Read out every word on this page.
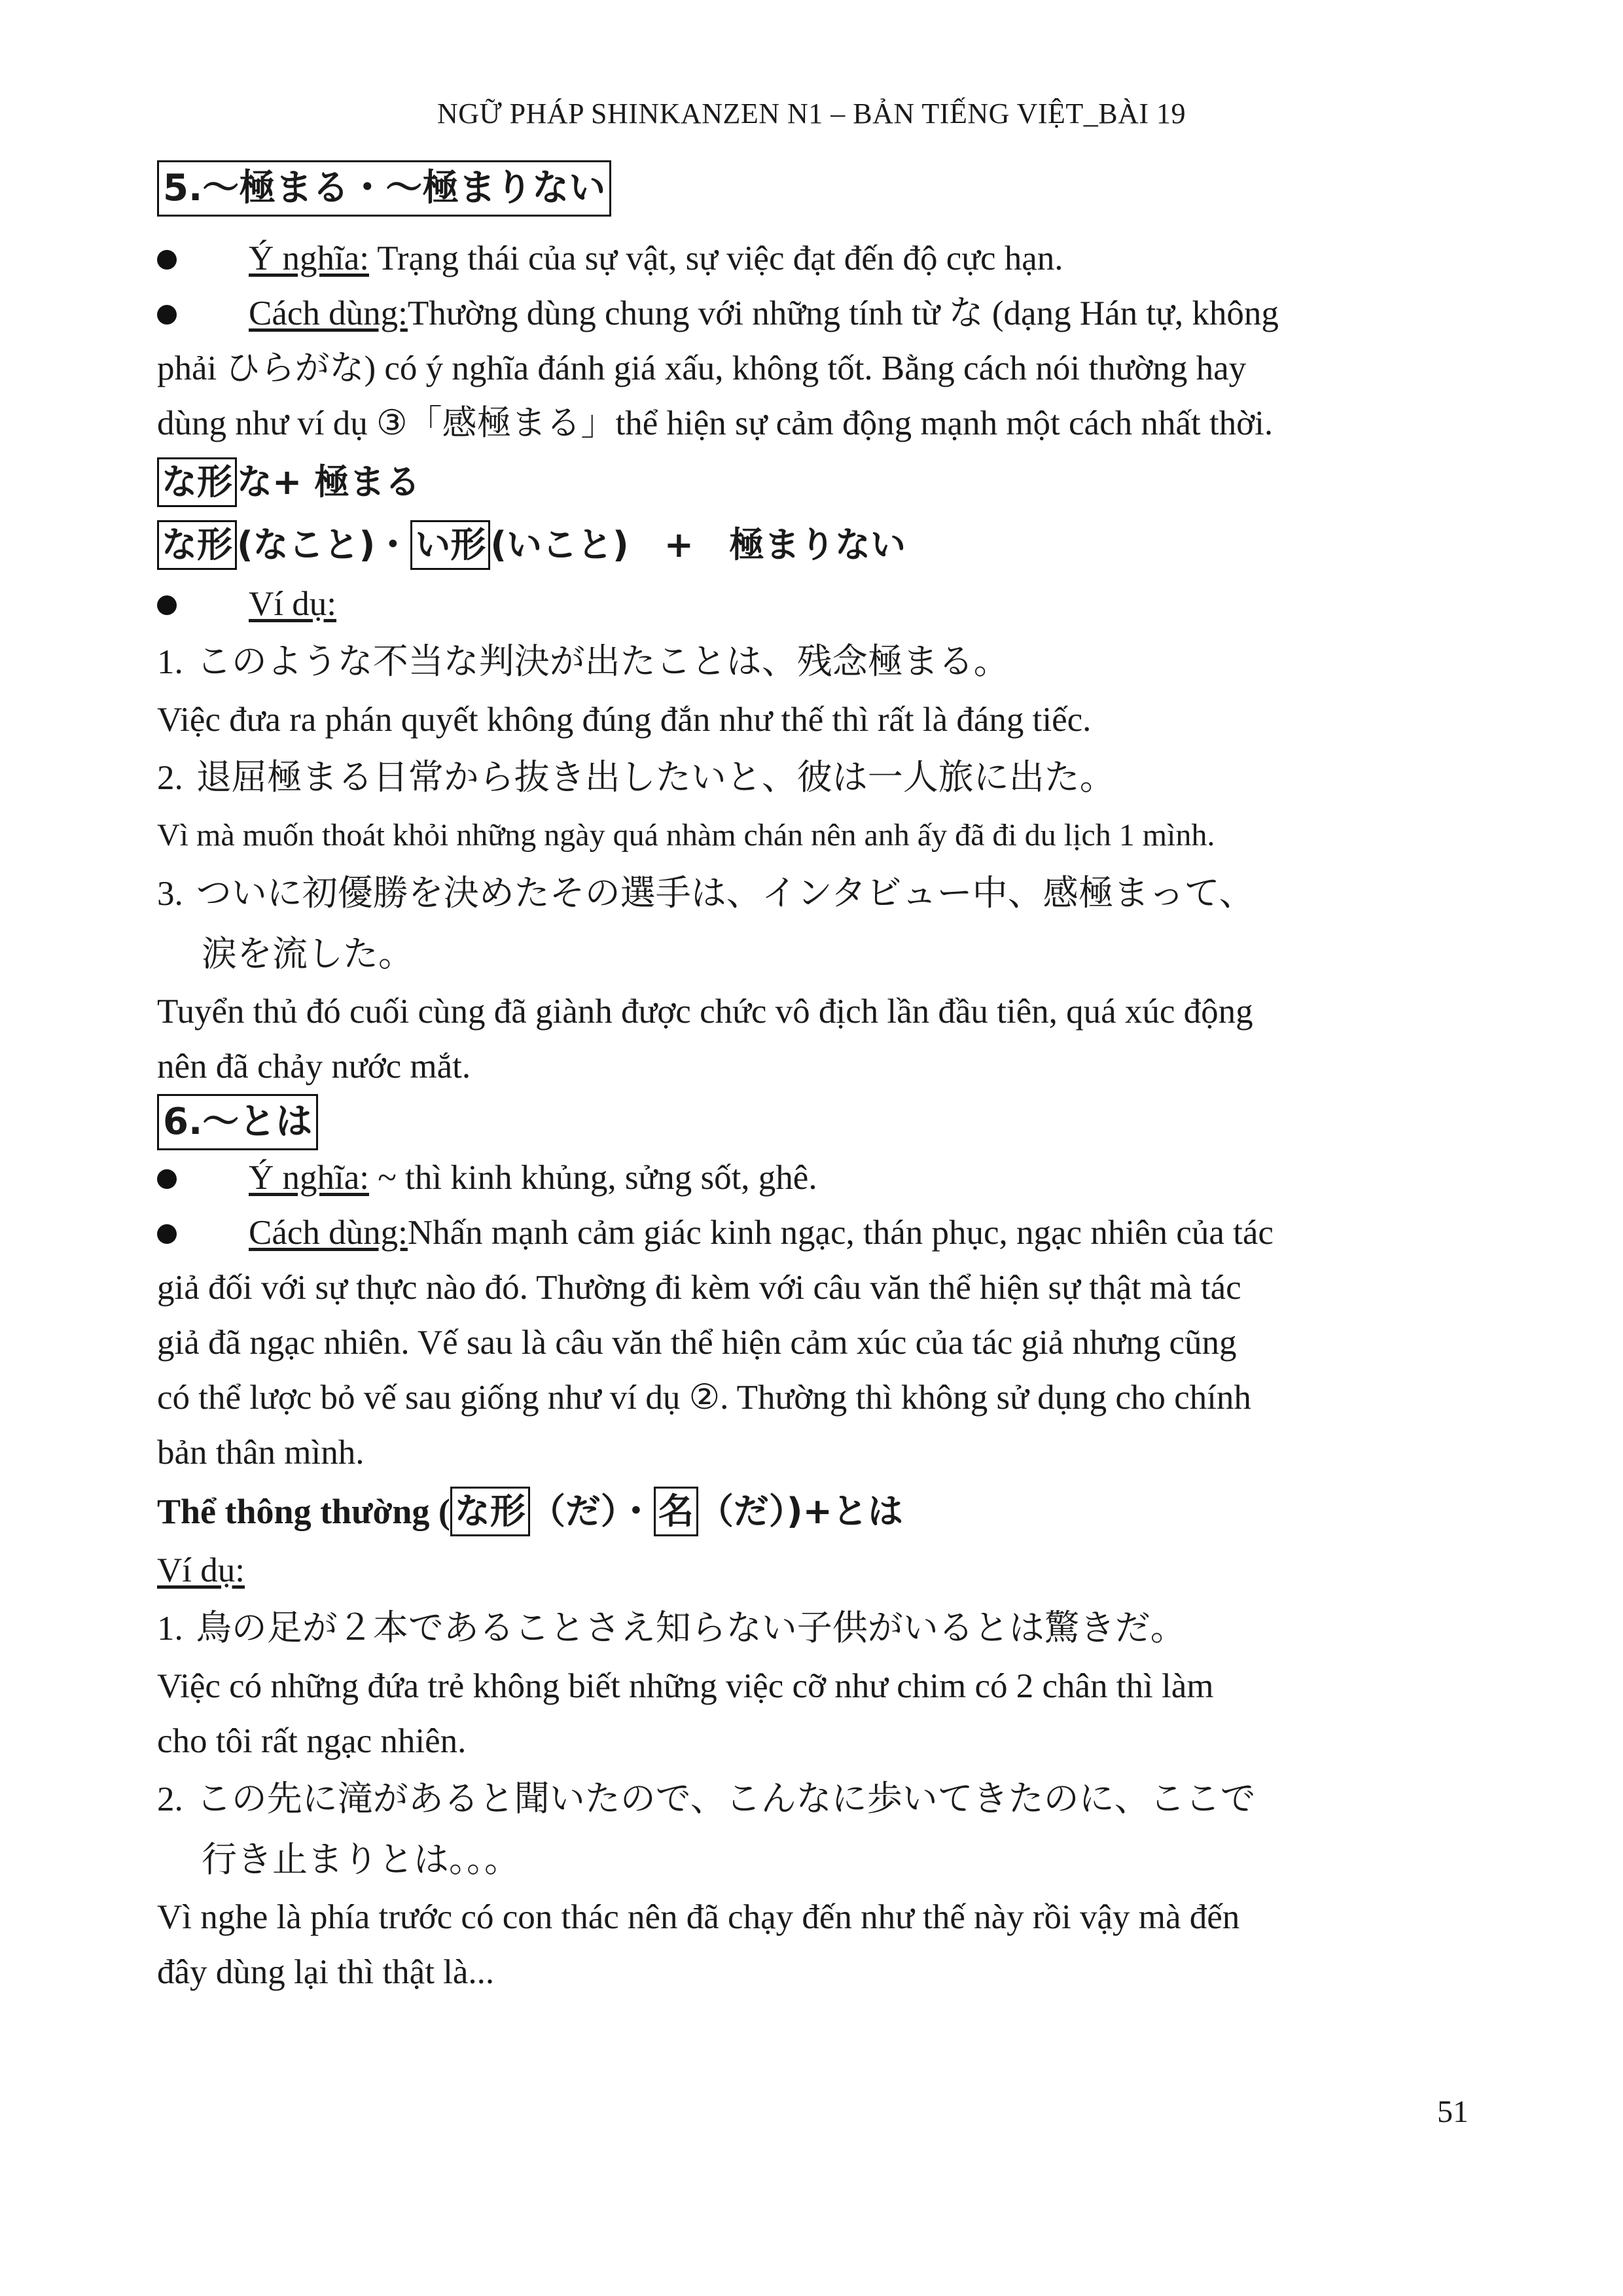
NGỮ PHÁP SHINKANZEN N1 – BẢN TIẾNG VIỆT_BÀI 19
5.～極まる・～極まりない
Ý nghĩa: Trạng thái của sự vật, sự việc đạt đến độ cực hạn.
Cách dùng:Thường dùng chung với những tính từ な (dạng Hán tự, không
phải ひらがな) có ý nghĩa đánh giá xấu, không tốt. Bằng cách nói thường hay
dùng như ví dụ ③「感極まる」thể hiện sự cảm động mạnh một cách nhất thời.
な形 な+ 極まる
な形 (なこと)・ い形 (いこと)　+　極まりない
Ví dụ:
1. このような不当な判決が出たことは、残念極まる。
Việc đưa ra phán quyết không đúng đắn như thế thì rất là đáng tiếc.
2. 退屈極まる日常から抜き出したいと、彼は一人旅に出た。
Vì mà muốn thoát khỏi những ngày quá nhàm chán nên anh ấy đã đi du lịch 1 mình.
3. ついに初優勝を決めたその選手は、インタビュー中、感極まって、
涙を流した。
Tuyển thủ đó cuối cùng đã giành được chức vô địch lần đầu tiên, quá xúc động
nên đã chảy nước mắt.
6.～とは
Ý nghĩa: ~ thì kinh khủng, sửng sốt, ghê.
Cách dùng:Nhấn mạnh cảm giác kinh ngạc, thán phục, ngạc nhiên của tác
giả đối với sự thực nào đó. Thường đi kèm với câu văn thể hiện sự thật mà tác
giả đã ngạc nhiên. Vế sau là câu văn thể hiện cảm xúc của tác giả nhưng cũng
có thể lược bỏ vế sau giống như ví dụ ②. Thường thì không sử dụng cho chính
bản thân mình.
Thể thông thường ( な形 （だ）・ 名 （だ）)+とは
Ví dụ:
1. 鳥の足が２本であることさえ知らない子供がいるとは驚きだ。
Việc có những đứa trẻ không biết những việc cỡ như chim có 2 chân thì làm
cho tôi rất ngạc nhiên.
2. この先に滝があると聞いたので、こんなに歩いてきたのに、ここで
行き止まりとは。。。
Vì nghe là phía trước có con thác nên đã chạy đến như thế này rồi vậy mà đến
đây dùng lại thì thật là...
51
